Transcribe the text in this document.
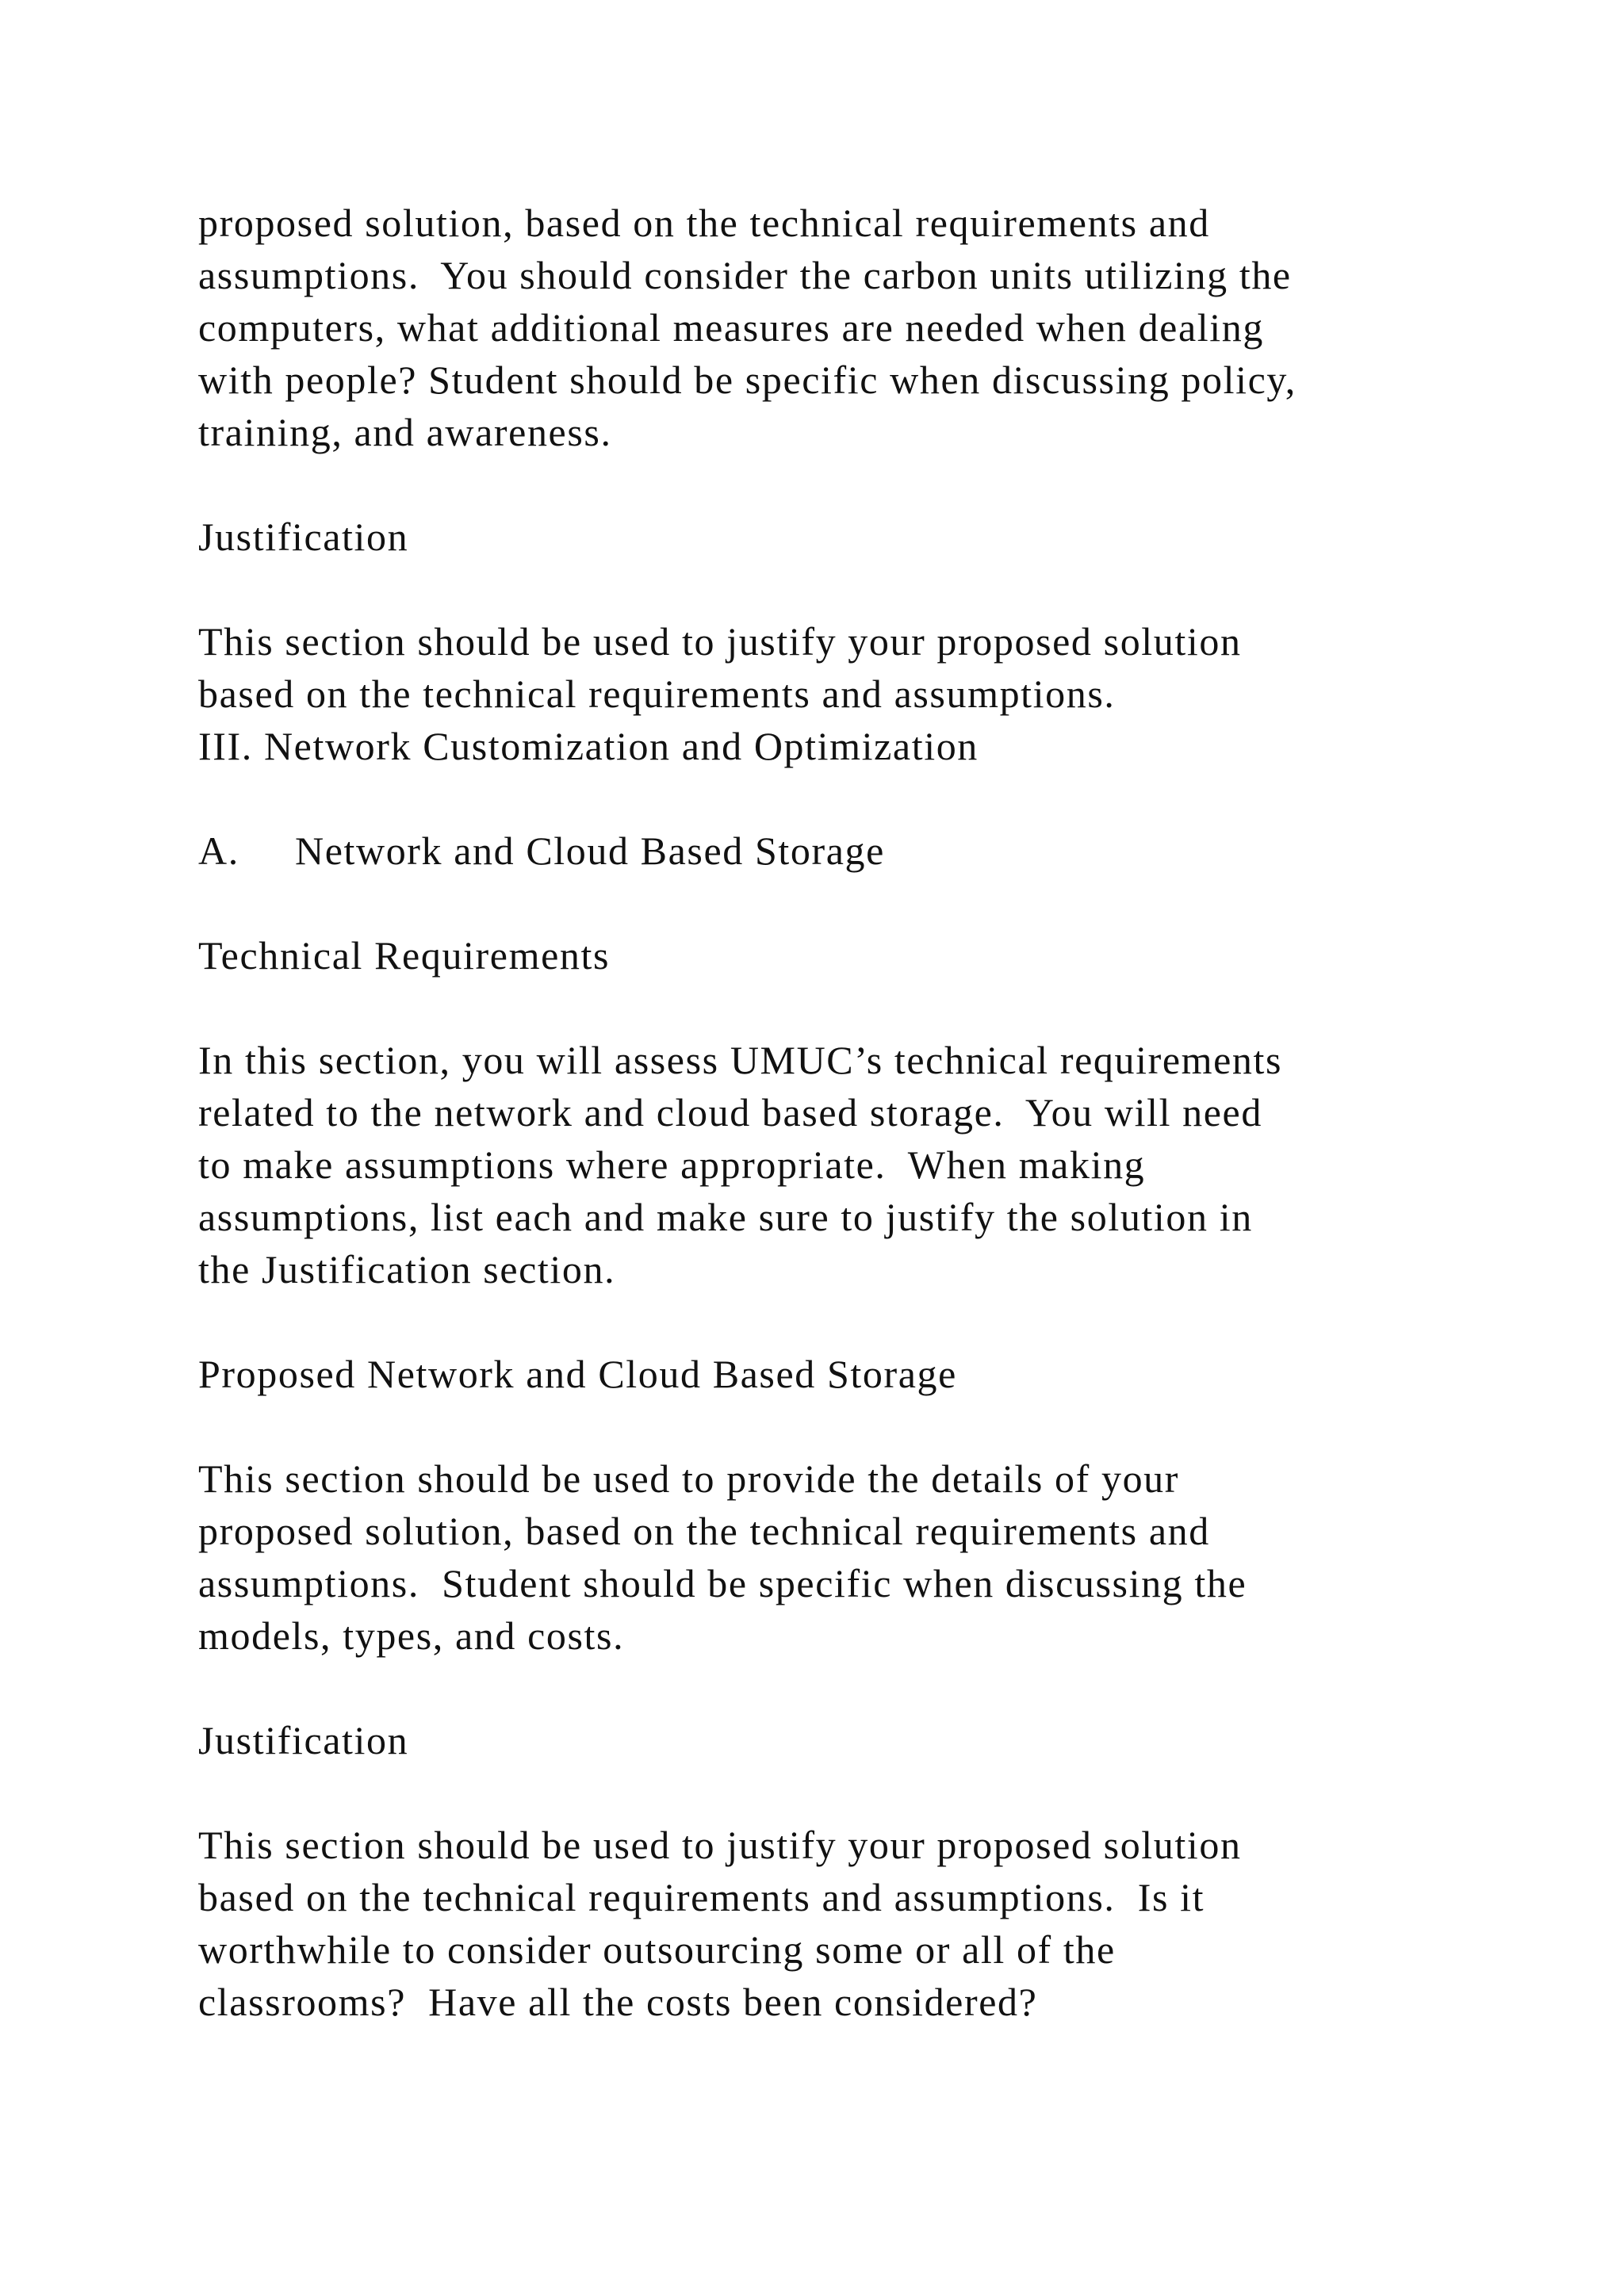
proposed solution, based on the technical requirements and
assumptions.  You should consider the carbon units utilizing the
computers, what additional measures are needed when dealing
with people? Student should be specific when discussing policy,
training, and awareness.
Justification
This section should be used to justify your proposed solution
based on the technical requirements and assumptions.
III. Network Customization and Optimization
A. Network and Cloud Based Storage
Technical Requirements
In this section, you will assess UMUC’s technical requirements
related to the network and cloud based storage.  You will need
to make assumptions where appropriate.  When making
assumptions, list each and make sure to justify the solution in
the Justification section.
Proposed Network and Cloud Based Storage
This section should be used to provide the details of your
proposed solution, based on the technical requirements and
assumptions.  Student should be specific when discussing the
models, types, and costs.
Justification
This section should be used to justify your proposed solution
based on the technical requirements and assumptions.  Is it
worthwhile to consider outsourcing some or all of the
classrooms?  Have all the costs been considered?
